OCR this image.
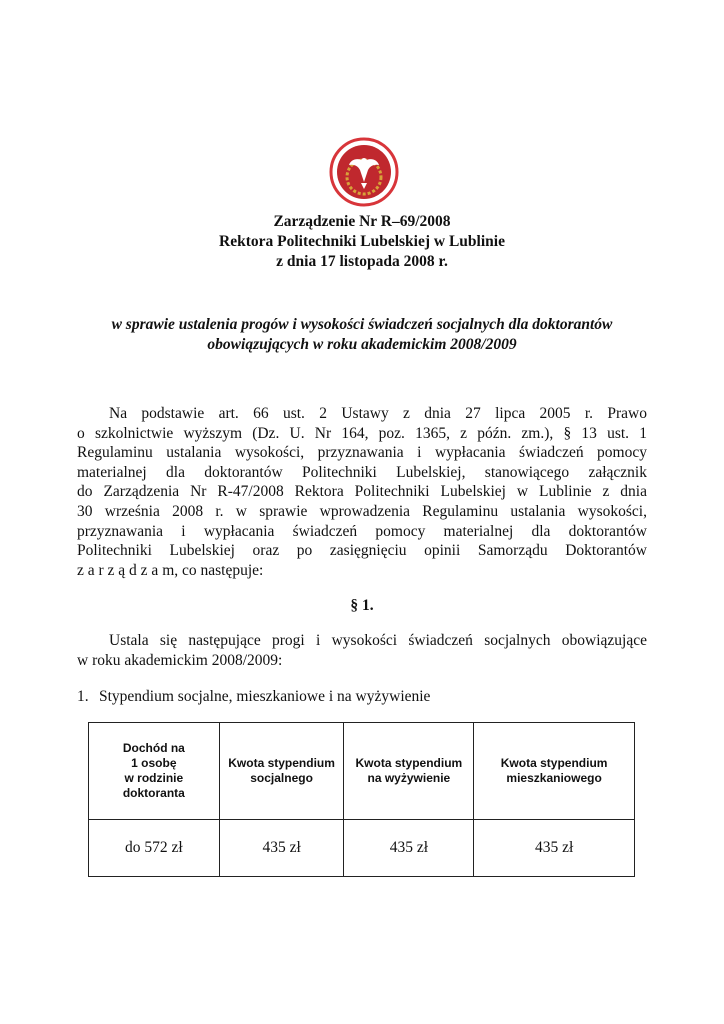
Zarządzenie Nr R–69/2008
Rektora Politechniki Lubelskiej w Lublinie
z dnia 17 listopada 2008 r.
w sprawie ustalenia progów i wysokości świadczeń socjalnych dla doktorantów
obowiązujących w roku akademickim 2008/2009
Na podstawie art. 66 ust. 2 Ustawy z dnia 27 lipca 2005 r. Prawo
o szkolnictwie wyższym (Dz. U. Nr 164, poz. 1365, z późn. zm.), § 13 ust. 1
Regulaminu ustalania wysokości, przyznawania i wypłacania świadczeń pomocy
materialnej dla doktorantów Politechniki Lubelskiej, stanowiącego załącznik
do Zarządzenia Nr R-47/2008 Rektora Politechniki Lubelskiej w Lublinie z dnia
30 września 2008 r. w sprawie wprowadzenia Regulaminu ustalania wysokości,
przyznawania i wypłacania świadczeń pomocy materialnej dla doktorantów
Politechniki Lubelskiej oraz po zasięgnięciu opinii Samorządu Doktorantów
z a r z ą d z a m, co następuje:
§ 1.
Ustala się następujące progi i wysokości świadczeń socjalnych obowiązujące
w roku akademickim 2008/2009:
1. Stypendium socjalne, mieszkaniowe i na wyżywienie
Dochód na
1 osobę
w rodzinie
doktoranta	Kwota stypendium
socjalnego	Kwota stypendium
na wyżywienie	Kwota stypendium
mieszkaniowego

do 572 zł	435 zł	435 zł	435 zł
